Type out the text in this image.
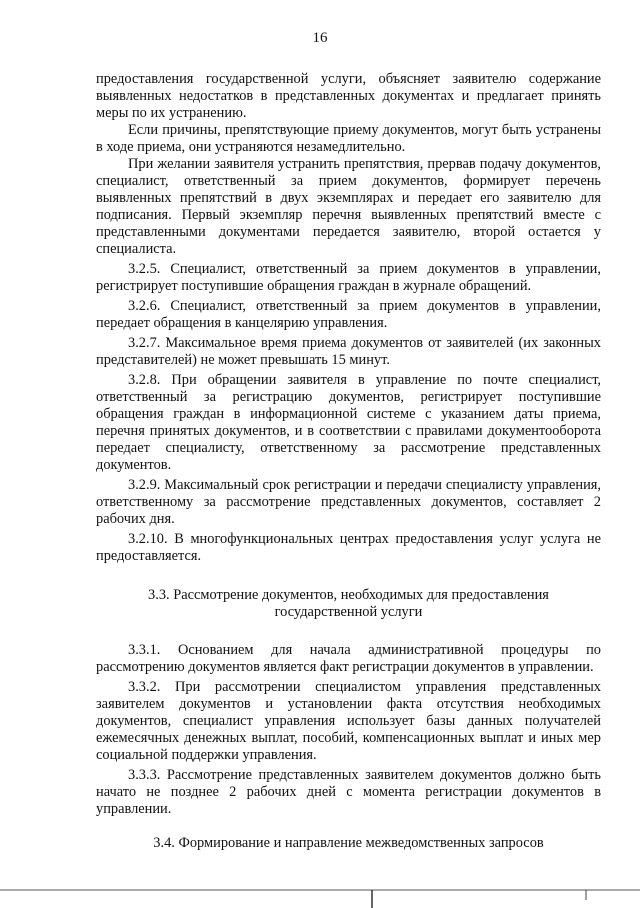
16

предоставления государственной услуги, объясняет заявителю содержание выявленных недостатков в представленных документах и предлагает принять меры по их устранению.

Если причины, препятствующие приему документов, могут быть устранены в ходе приема, они устраняются незамедлительно.

При желании заявителя устранить препятствия, прервав подачу документов, специалист, ответственный за прием документов, формирует перечень выявленных препятствий в двух экземплярах и передает его заявителю для подписания. Первый экземпляр перечня выявленных препятствий вместе с представленными документами передается заявителю, второй остается у специалиста.

3.2.5. Специалист, ответственный за прием документов в управлении, регистрирует поступившие обращения граждан в журнале обращений.

3.2.6. Специалист, ответственный за прием документов в управлении, передает обращения в канцелярию управления.

3.2.7. Максимальное время приема документов от заявителей (их законных представителей) не может превышать 15 минут.

3.2.8. При обращении заявителя в управление по почте специалист, ответственный за регистрацию документов, регистрирует поступившие обращения граждан в информационной системе с указанием даты приема, перечня принятых документов, и в соответствии с правилами документооборота передает специалисту, ответственному за рассмотрение представленных документов.

3.2.9. Максимальный срок регистрации и передачи специалисту управления, ответственному за рассмотрение представленных документов, составляет 2 рабочих дня.

3.2.10. В многофункциональных центрах предоставления услуг услуга не предоставляется.

3.3. Рассмотрение документов, необходимых для предоставления государственной услуги

3.3.1. Основанием для начала административной процедуры по рассмотрению документов является факт регистрации документов в управлении.

3.3.2. При рассмотрении специалистом управления представленных заявителем документов и установлении факта отсутствия необходимых документов, специалист управления использует базы данных получателей ежемесячных денежных выплат, пособий, компенсационных выплат и иных мер социальной поддержки управления.

3.3.3. Рассмотрение представленных заявителем документов должно быть начато не позднее 2 рабочих дней с момента регистрации документов в управлении.

3.4. Формирование и направление межведомственных запросов
